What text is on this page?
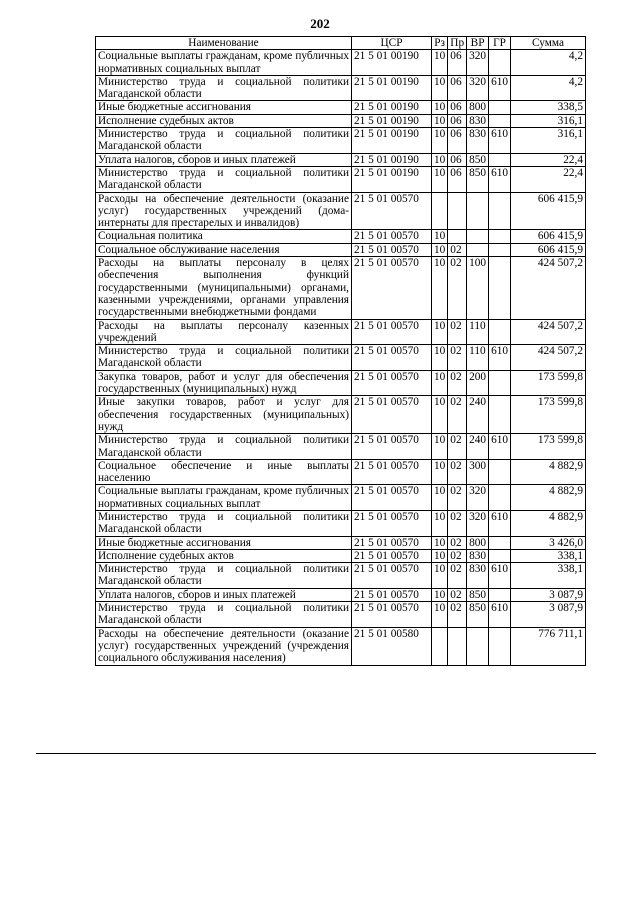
202
Наименование	ЦСР	Рз	Пр	ВР	ГР	Сумма
Социальные выплаты гражданам, кроме публичных нормативных социальных выплат	21 5 01 00190	10	06	320		4,2
Министерство труда и социальной политики Магаданской области	21 5 01 00190	10	06	320	610	4,2
Иные бюджетные ассигнования	21 5 01 00190	10	06	800		338,5
Исполнение судебных актов	21 5 01 00190	10	06	830		316,1
Министерство труда и социальной политики Магаданской области	21 5 01 00190	10	06	830	610	316,1
Уплата налогов, сборов и иных платежей	21 5 01 00190	10	06	850		22,4
Министерство труда и социальной политики Магаданской области	21 5 01 00190	10	06	850	610	22,4
Расходы на обеспечение деятельности (оказание услуг) государственных учреждений (дома-интернаты для престарелых и инвалидов)	21 5 01 00570					606 415,9
Социальная политика	21 5 01 00570	10				606 415,9
Социальное обслуживание населения	21 5 01 00570	10	02			606 415,9
Расходы на выплаты персоналу в целях обеспечения выполнения функций государственными (муниципальными) органами, казенными учреждениями, органами управления государственными внебюджетными фондами	21 5 01 00570	10	02	100		424 507,2
Расходы на выплаты персоналу казенных учреждений	21 5 01 00570	10	02	110		424 507,2
Министерство труда и социальной политики Магаданской области	21 5 01 00570	10	02	110	610	424 507,2
Закупка товаров, работ и услуг для обеспечения государственных (муниципальных) нужд	21 5 01 00570	10	02	200		173 599,8
Иные закупки товаров, работ и услуг для обеспечения государственных (муниципальных) нужд	21 5 01 00570	10	02	240		173 599,8
Министерство труда и социальной политики Магаданской области	21 5 01 00570	10	02	240	610	173 599,8
Социальное обеспечение и иные выплаты населению	21 5 01 00570	10	02	300		4 882,9
Социальные выплаты гражданам, кроме публичных нормативных социальных выплат	21 5 01 00570	10	02	320		4 882,9
Министерство труда и социальной политики Магаданской области	21 5 01 00570	10	02	320	610	4 882,9
Иные бюджетные ассигнования	21 5 01 00570	10	02	800		3 426,0
Исполнение судебных актов	21 5 01 00570	10	02	830		338,1
Министерство труда и социальной политики Магаданской области	21 5 01 00570	10	02	830	610	338,1
Уплата налогов, сборов и иных платежей	21 5 01 00570	10	02	850		3 087,9
Министерство труда и социальной политики Магаданской области	21 5 01 00570	10	02	850	610	3 087,9
Расходы на обеспечение деятельности (оказание услуг) государственных учреждений (учреждения социального обслуживания населения)	21 5 01 00580					776 711,1
